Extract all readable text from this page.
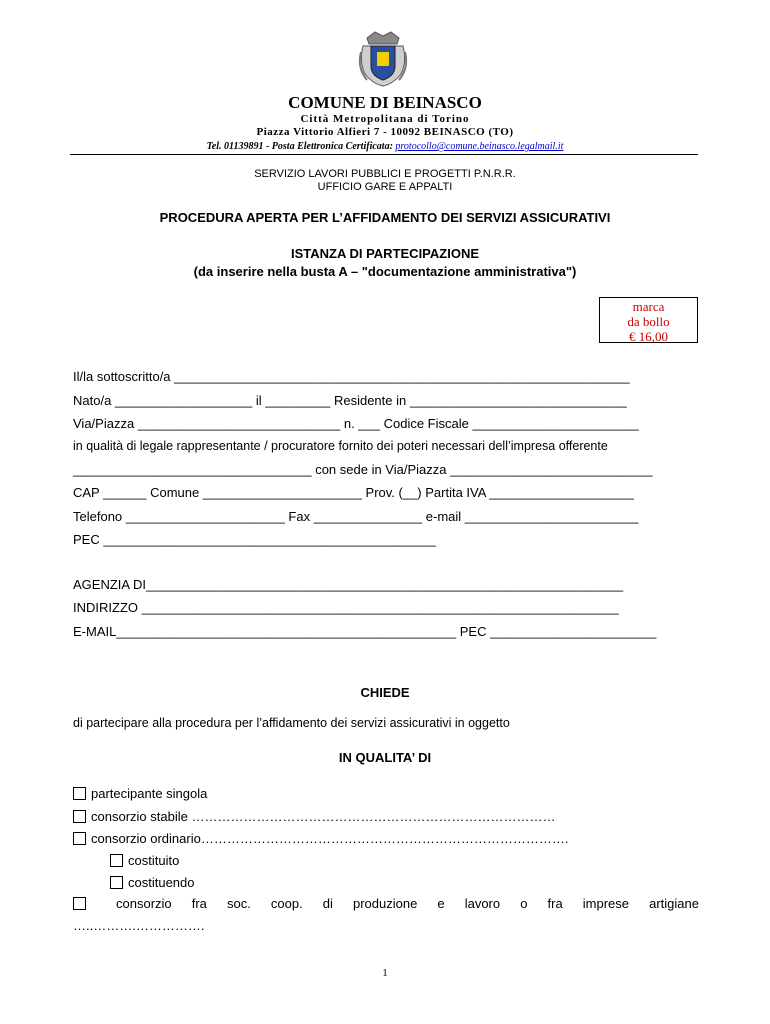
COMUNE DI BEINASCO
Città Metropolitana di Torino
Piazza Vittorio Alfieri 7 - 10092 BEINASCO (TO)
Tel. 01139891 - Posta Elettronica Certificata: protocollo@comune.beinasco.legalmail.it
SERVIZIO LAVORI PUBBLICI E PROGETTI P.N.R.R.
UFFICIO GARE E APPALTI
PROCEDURA APERTA PER L’AFFIDAMENTO DEI SERVIZI ASSICURATIVI
ISTANZA DI PARTECIPAZIONE
(da inserire nella busta A – "documentazione amministrativa")
marca
da bollo
€ 16,00
Il/la sottoscritto/a _______________________________________________________________
Nato/a ___________________ il _________ Residente in ______________________________
Via/Piazza ____________________________ n. ___ Codice Fiscale _______________________
in qualità di legale rappresentante / procuratore fornito dei poteri necessari dell’impresa offerente
_________________________________ con sede in Via/Piazza ____________________________
CAP ______ Comune ______________________ Prov. (__) Partita IVA ____________________
Telefono ______________________ Fax _______________ e-mail ________________________
PEC ______________________________________________
AGENZIA DI__________________________________________________________________
INDIRIZZO __________________________________________________________________
E-MAIL_______________________________________________ PEC _______________________
CHIEDE
di partecipare alla procedura per l’affidamento dei servizi assicurativi in oggetto
IN QUALITA’ DI
partecipante singola
consorzio stabile …………………………………………………………………………
consorzio ordinario………………………………………………………………………….
costituito
costituendo
consorzio fra soc. coop. di produzione e lavoro o fra imprese artigiane
…..……….…………….
1
